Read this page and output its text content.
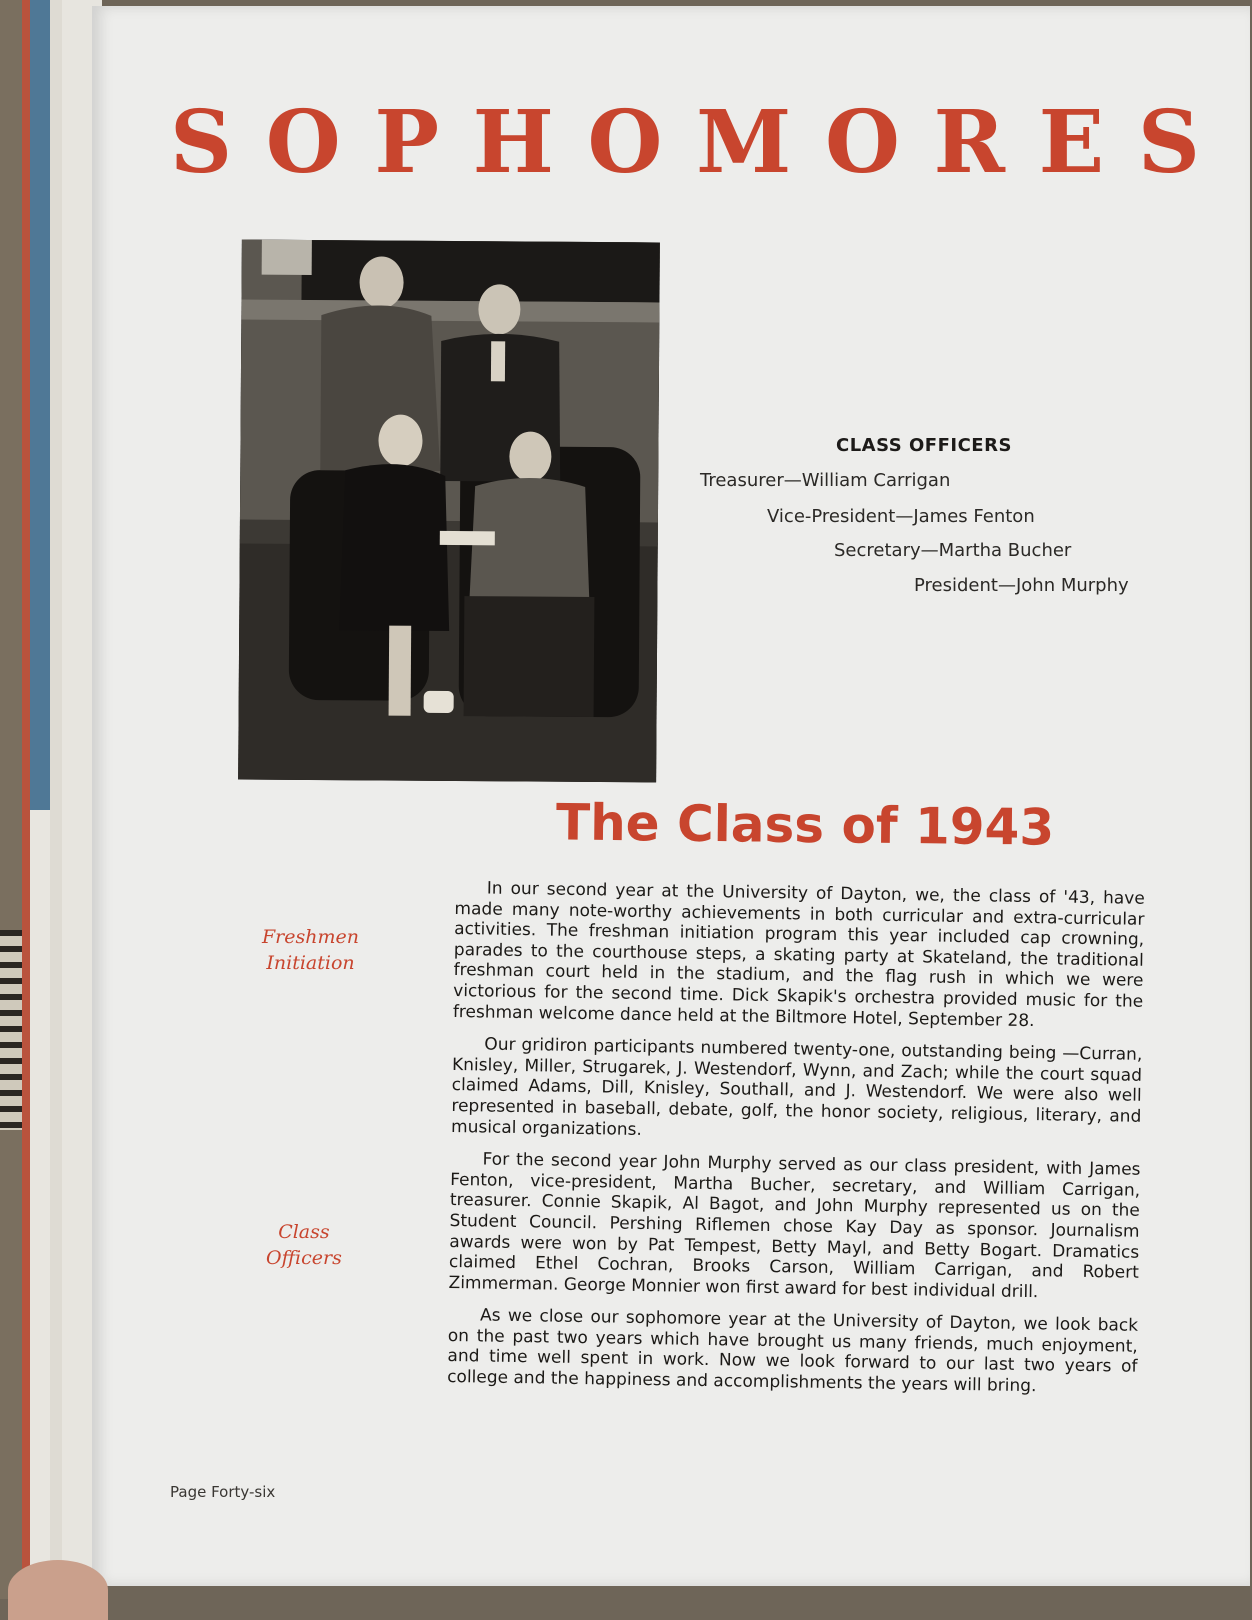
S O P H O M O R E S
CLASS OFFICERS
Treasurer—William Carrigan
Vice-President—James Fenton
Secretary—Martha Bucher
President—John Murphy
The Class of 1943
Freshmen
Initiation
Class
Officers

In our second year at the University of Dayton, we, the class of '43, have made many note-worthy achievements in both curricular and extra-curricular activities. The freshman initiation program this year included cap crowning, parades to the courthouse steps, a skating party at Skateland, the traditional freshman court held in the stadium, and the flag rush in which we were victorious for the second time. Dick Skapik's orchestra provided music for the freshman welcome dance held at the Biltmore Hotel, September 28.

Our gridiron participants numbered twenty-one, outstanding being —Curran, Knisley, Miller, Strugarek, J. Westendorf, Wynn, and Zach; while the court squad claimed Adams, Dill, Knisley, Southall, and J. Westendorf. We were also well represented in baseball, debate, golf, the honor society, religious, literary, and musical organizations.

For the second year John Murphy served as our class president, with James Fenton, vice-president, Martha Bucher, secretary, and William Carrigan, treasurer. Connie Skapik, Al Bagot, and John Murphy represented us on the Student Council. Pershing Riflemen chose Kay Day as sponsor. Journalism awards were won by Pat Tempest, Betty Mayl, and Betty Bogart. Dramatics claimed Ethel Cochran, Brooks Carson, William Carrigan, and Robert Zimmerman. George Monnier won first award for best individual drill.

As we close our sophomore year at the University of Dayton, we look back on the past two years which have brought us many friends, much enjoyment, and time well spent in work. Now we look forward to our last two years of college and the happiness and accomplishments the years will bring.

Page Forty-six
